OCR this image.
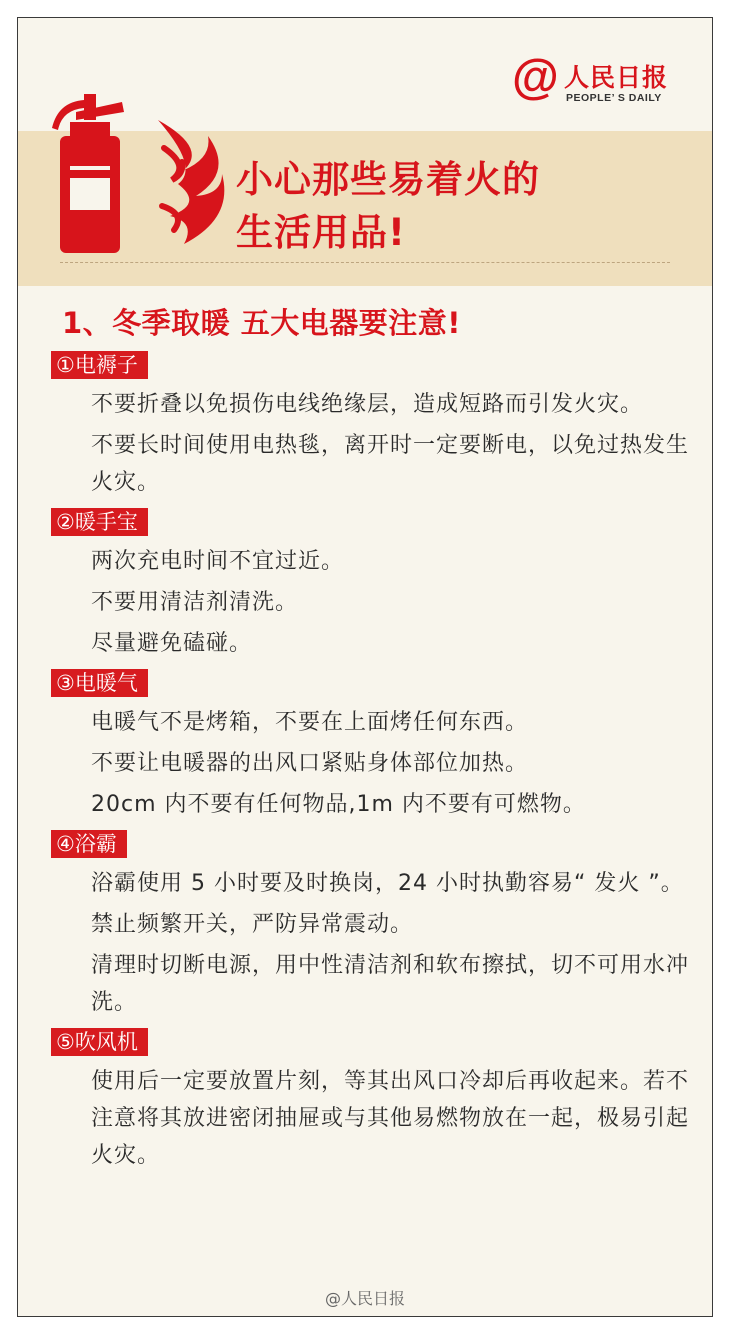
@ 人民日报
PEOPLE’ S DAILY
小心那些易着火的
生活用品!
1、冬季取暖 五大电器要注意!
①电褥子
不要折叠以免损伤电线绝缘层，造成短路而引发火灾。
不要长时间使用电热毯，离开时一定要断电，以免过热发生火灾。
②暖手宝
两次充电时间不宜过近。
不要用清洁剂清洗。
尽量避免磕碰。
③电暖气
电暖气不是烤箱，不要在上面烤任何东西。
不要让电暖器的出风口紧贴身体部位加热。
20cm 内不要有任何物品,1m 内不要有可燃物。
④浴霸
浴霸使用 5 小时要及时换岗，24 小时执勤容易“ 发火 ”。
禁止频繁开关，严防异常震动。
清理时切断电源，用中性清洁剂和软布擦拭，切不可用水冲洗。
⑤吹风机
使用后一定要放置片刻，等其出风口冷却后再收起来。若不注意将其放进密闭抽屉或与其他易燃物放在一起，极易引起火灾。
@人民日报
